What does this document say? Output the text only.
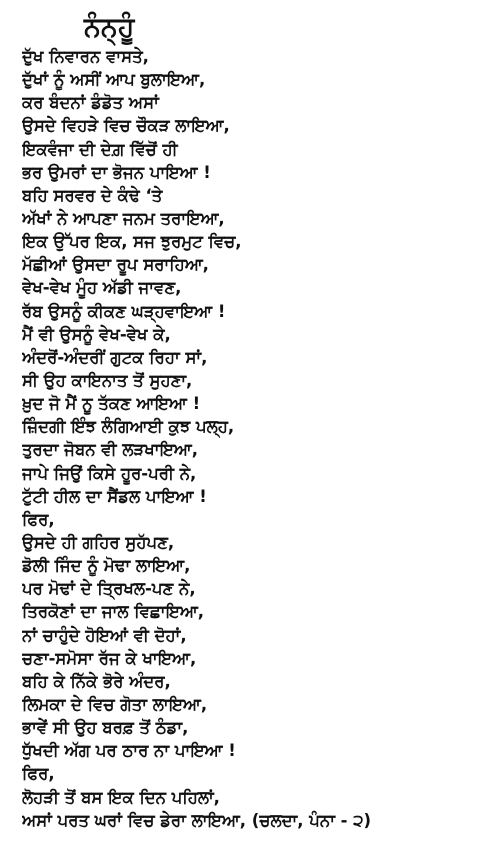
ਨੰਨ੍ਹੂੰ
ਦੁੱਖ ਨਿਵਾਰਨ ਵਾਸਤੇ,
ਦੁੱਖਾਂ ਨੂੰ ਅਸੀਂ ਆਪ ਬੁਲਾਇਆ,
ਕਰ ਬੰਦਨਾਂ ਡੰਡੋਤ ਅਸਾਂ
ਉਸਦੇ ਵਿਹੜੇ ਵਿਚ ਚੌਕੜ ਲਾਇਆ,
ਇਕਵੰਜਾ ਦੀ ਦੇਗ਼ ਵਿੱਚੋਂ ਹੀ
ਭਰ ਉਮਰਾਂ ਦਾ ਭੋਜਨ ਪਾਇਆ !
ਬਹਿ ਸਰਵਰ ਦੇ ਕੰਢੇ ‘ਤੇ
ਅੱਖਾਂ ਨੇ ਆਪਣਾ ਜਨਮ ਤਰਾਇਆ,
ਇਕ ਉੱਪਰ ਇਕ, ਸਜ ਝੁਰਮੁਟ ਵਿਚ,
ਮੱਛੀਆਂ ਉਸਦਾ ਰੂਪ ਸਰਾਹਿਆ,
ਵੇਖ-ਵੇਖ ਮੂੰਹ ਅੱਡੀ ਜਾਵਣ,
ਰੱਬ ਉਸਨੂੰ ਕੀਕਣ ਘੜ੍ਹਵਾਇਆ !
ਮੈਂ ਵੀ ਉਸਨੂੰ ਵੇਖ-ਵੇਖ ਕੇ,
ਅੰਦਰੋਂ-ਅੰਦਰੀਂ ਗੁਟਕ ਰਿਹਾ ਸਾਂ,
ਸੀ ਉਹ ਕਾਇਨਾਤ ਤੋਂ ਸੁਹਣਾ,
ਖ਼ੁਦ ਜੋ ਮੈਂ ਨੂ ਤੱਕਣ ਆਇਆ !
ਜ਼ਿੰਦਗੀ ਇੰਝ ਲੰਗਿਆਈ ਕੁਝ ਪਲ੍ਹ,
ਤੁਰਦਾ ਜੋਬਨ ਵੀ ਲੜਖਾਇਆ,
ਜਾਪੇ ਜਿਉਂ ਕਿਸੇ ਹੂਰ-ਪਰੀ ਨੇ,
ਟੁੱਟੀ ਹੀਲ ਦਾ ਸੈਂਡਲ ਪਾਇਆ !
ਫਿਰ,
ਉਸਦੇ ਹੀ ਗਹਿਰ ਸੁਹੱਪਣ,
ਡੋਲੀ ਜਿੰਦ ਨੂੰ ਮੋਢਾ ਲਾਇਆ,
ਪਰ ਮੋਢਾਂ ਦੇ ਤ੍ਰਿਖਲ-ਪਣ ਨੇ,
ਤਿਰਕੋਣਾਂ ਦਾ ਜਾਲ ਵਿਛਾਇਆ,
ਨਾਂ ਚਾਹੁੰਦੇ ਹੋਇਆਂ ਵੀ ਦੋਹਾਂ,
ਚਣਾ-ਸਮੋਸਾ ਰੱਜ ਕੇ ਖਾਇਆ,
ਬਹਿ ਕੇ ਨਿੱਕੇ ਭੋਰੇ ਅੰਦਰ,
ਲਿਮਕਾ ਦੇ ਵਿਚ ਗੋਤਾ ਲਾਇਆ,
ਭਾਵੇਂ ਸੀ ਉਹ ਬਰਫ਼ ਤੋਂ ਠੰਡਾ,
ਧੁੱਖਦੀ ਅੱਗ ਪਰ ਠਾਰ ਨਾ ਪਾਇਆ !
ਫਿਰ,
ਲੋਹੜੀ ਤੋਂ ਬਸ ਇਕ ਦਿਨ ਪਹਿਲਾਂ,
ਅਸਾਂ ਪਰਤ ਘਰਾਂ ਵਿਚ ਡੇਰਾ ਲਾਇਆ, (ਚਲਦਾ, ਪੰਨਾ - ੨)
